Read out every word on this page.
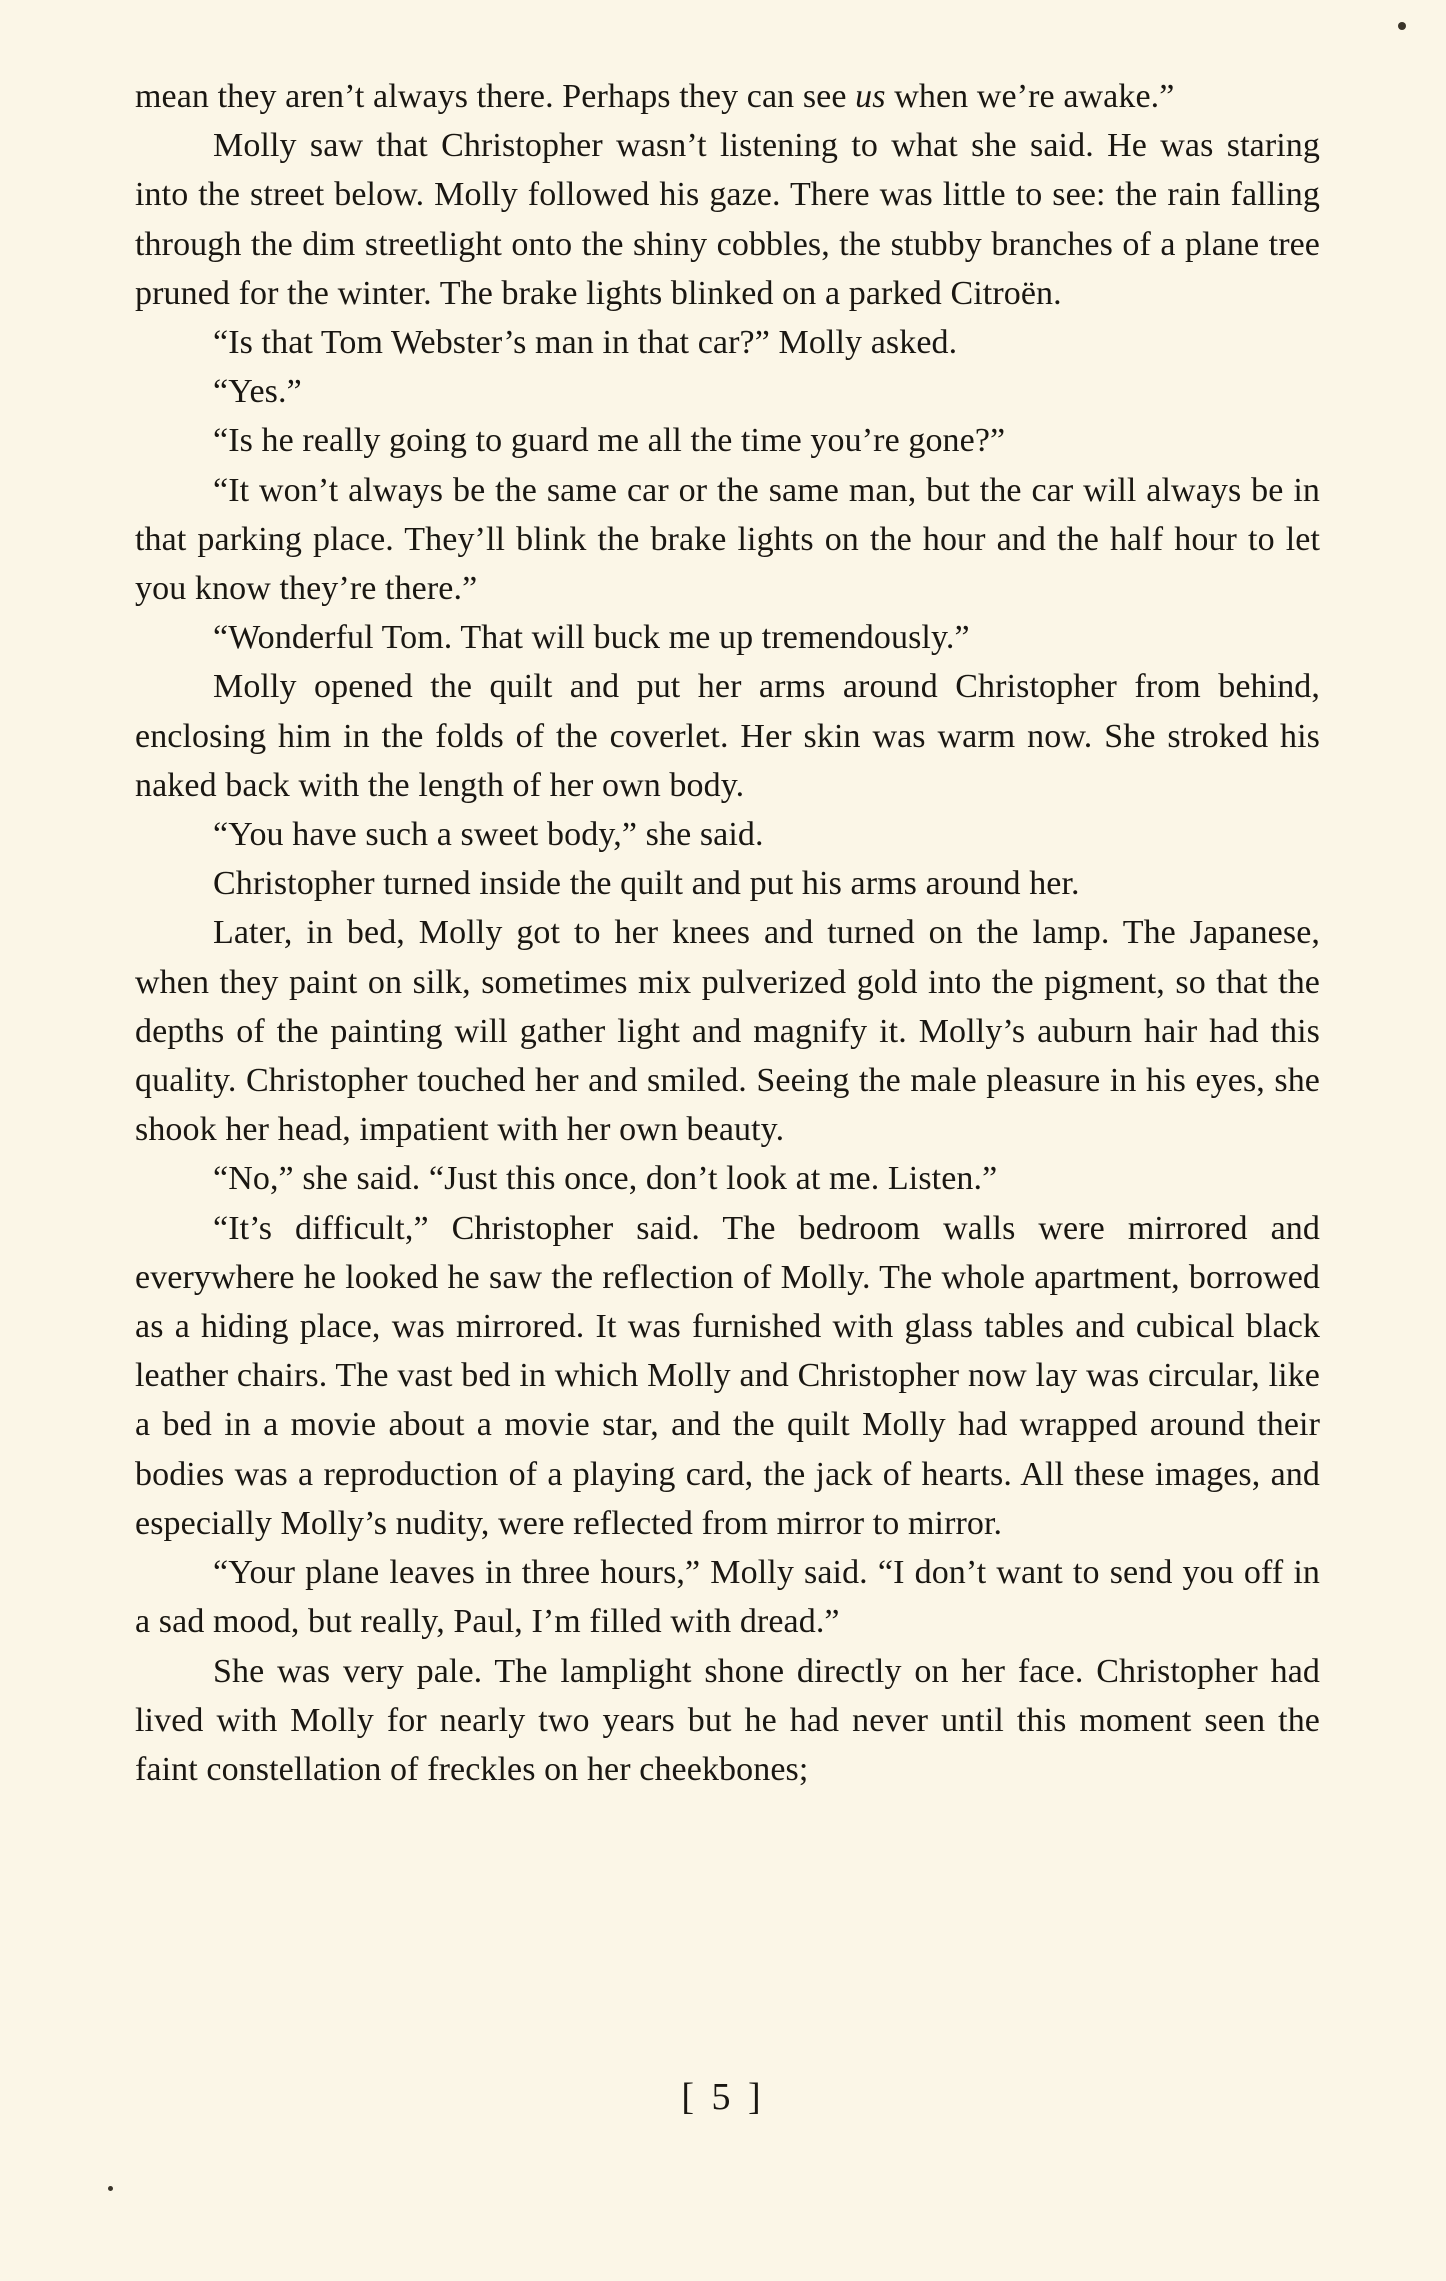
mean they aren’t always there. Perhaps they can see us when we’re awake.”

Molly saw that Christopher wasn’t listening to what she said. He was staring into the street below. Molly followed his gaze. There was little to see: the rain falling through the dim streetlight onto the shiny cobbles, the stubby branches of a plane tree pruned for the winter. The brake lights blinked on a parked Citroën.

“Is that Tom Webster’s man in that car?” Molly asked.

“Yes.”

“Is he really going to guard me all the time you’re gone?”

“It won’t always be the same car or the same man, but the car will always be in that parking place. They’ll blink the brake lights on the hour and the half hour to let you know they’re there.”

“Wonderful Tom. That will buck me up tremendously.”

Molly opened the quilt and put her arms around Christopher from behind, enclosing him in the folds of the coverlet. Her skin was warm now. She stroked his naked back with the length of her own body.

“You have such a sweet body,” she said.

Christopher turned inside the quilt and put his arms around her.

Later, in bed, Molly got to her knees and turned on the lamp. The Japanese, when they paint on silk, sometimes mix pulverized gold into the pigment, so that the depths of the painting will gather light and magnify it. Molly’s auburn hair had this quality. Christopher touched her and smiled. Seeing the male pleasure in his eyes, she shook her head, impatient with her own beauty.

“No,” she said. “Just this once, don’t look at me. Listen.”

“It’s difficult,” Christopher said. The bedroom walls were mirrored and everywhere he looked he saw the reflection of Molly. The whole apartment, borrowed as a hiding place, was mirrored. It was furnished with glass tables and cubical black leather chairs. The vast bed in which Molly and Christopher now lay was circular, like a bed in a movie about a movie star, and the quilt Molly had wrapped around their bodies was a reproduction of a playing card, the jack of hearts. All these images, and especially Molly’s nudity, were reflected from mirror to mirror.

“Your plane leaves in three hours,” Molly said. “I don’t want to send you off in a sad mood, but really, Paul, I’m filled with dread.”

She was very pale. The lamplight shone directly on her face. Christopher had lived with Molly for nearly two years but he had never until this moment seen the faint constellation of freckles on her cheekbones;

[ 5 ]
